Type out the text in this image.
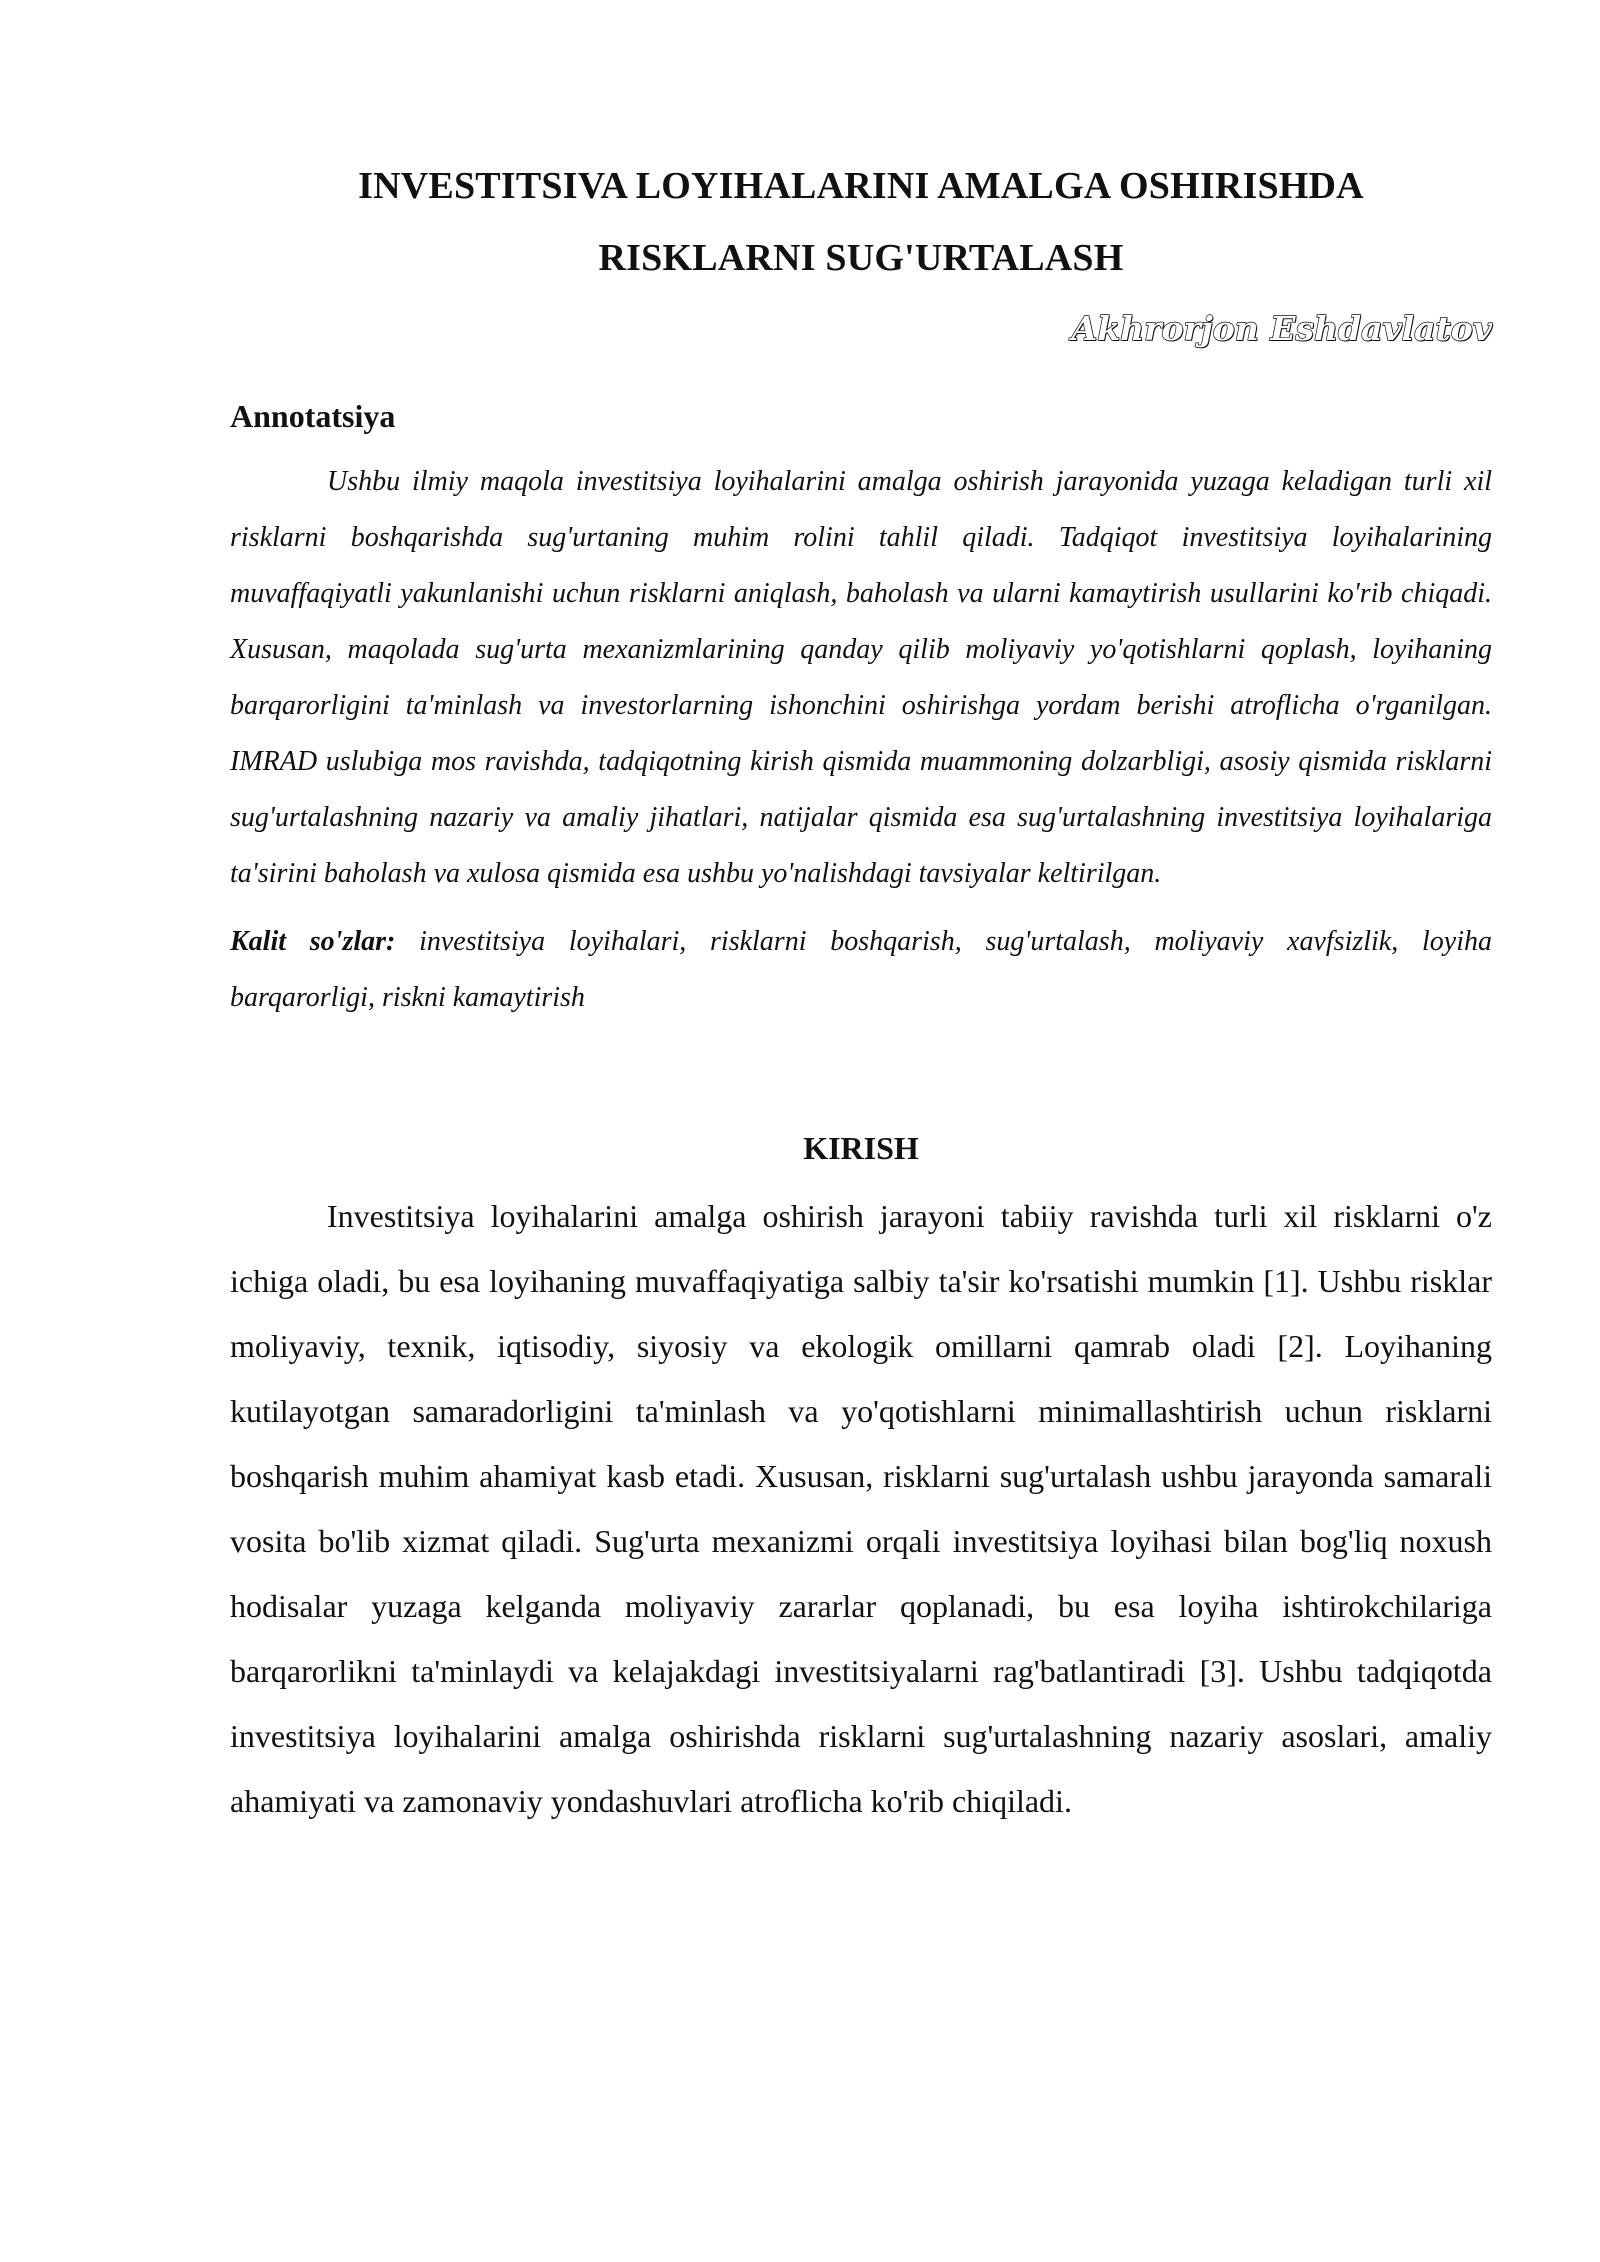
INVESTITSIVA LOYIHALARINI AMALGA OSHIRISHDA
RISKLARNI SUG'URTALASH
Akhrorjon Eshdavlatov
Annotatsiya

Ushbu ilmiy maqola investitsiya loyihalarini amalga oshirish jarayonida yuzaga keladigan turli xil risklarni boshqarishda sug'urtaning muhim rolini tahlil qiladi. Tadqiqot investitsiya loyihalarining muvaffaqiyatli yakunlanishi uchun risklarni aniqlash, baholash va ularni kamaytirish usullarini ko'rib chiqadi. Xususan, maqolada sug'urta mexanizmlarining qanday qilib moliyaviy yo'qotishlarni qoplash, loyihaning barqarorligini ta'minlash va investorlarning ishonchini oshirishga yordam berishi atroflicha o'rganilgan. IMRAD uslubiga mos ravishda, tadqiqotning kirish qismida muammoning dolzarbligi, asosiy qismida risklarni sug'urtalashning nazariy va amaliy jihatlari, natijalar qismida esa sug'urtalashning investitsiya loyihalariga ta'sirini baholash va xulosa qismida esa ushbu yo'nalishdagi tavsiyalar keltirilgan.

Kalit so'zlar: investitsiya loyihalari, risklarni boshqarish, sug'urtalash, moliyaviy xavfsizlik, loyiha barqarorligi, riskni kamaytirish

KIRISH

Investitsiya loyihalarini amalga oshirish jarayoni tabiiy ravishda turli xil risklarni o'z ichiga oladi, bu esa loyihaning muvaffaqiyatiga salbiy ta'sir ko'rsatishi mumkin [1]. Ushbu risklar moliyaviy, texnik, iqtisodiy, siyosiy va ekologik omillarni qamrab oladi [2]. Loyihaning kutilayotgan samaradorligini ta'minlash va yo'qotishlarni minimallashtirish uchun risklarni boshqarish muhim ahamiyat kasb etadi. Xususan, risklarni sug'urtalash ushbu jarayonda samarali vosita bo'lib xizmat qiladi. Sug'urta mexanizmi orqali investitsiya loyihasi bilan bog'liq noxush hodisalar yuzaga kelganda moliyaviy zararlar qoplanadi, bu esa loyiha ishtirokchilariga barqarorlikni ta'minlaydi va kelajakdagi investitsiyalarni rag'batlantiradi [3]. Ushbu tadqiqotda investitsiya loyihalarini amalga oshirishda risklarni sug'urtalashning nazariy asoslari, amaliy ahamiyati va zamonaviy yondashuvlari atroflicha ko'rib chiqiladi.
